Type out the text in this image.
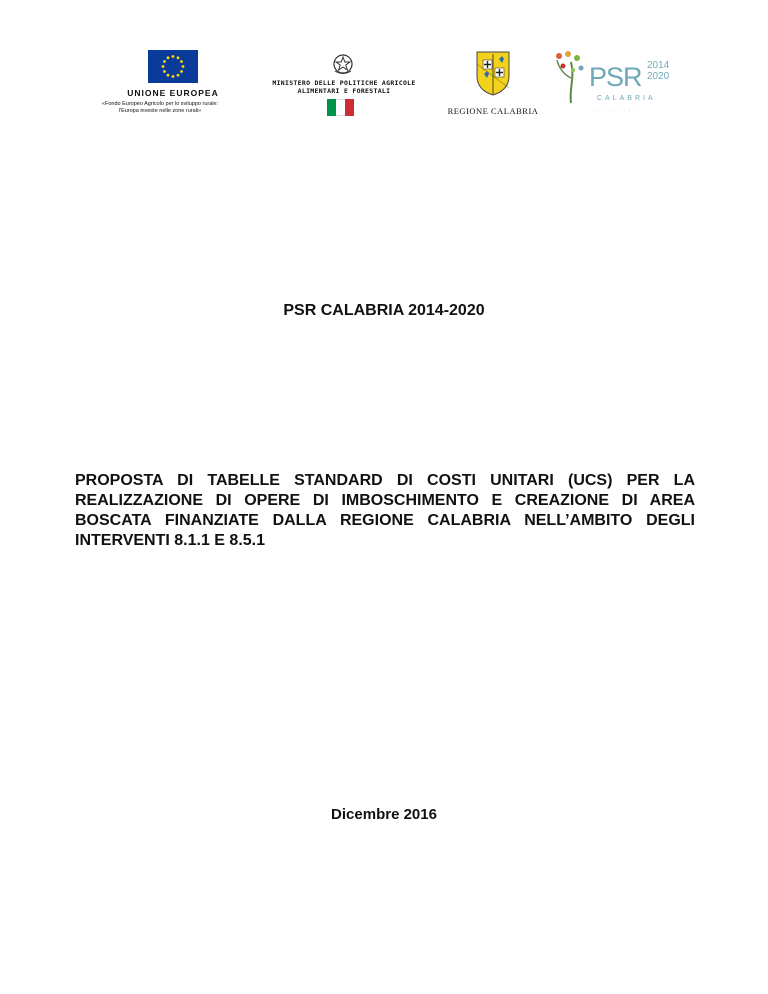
UNIONE EUROPEA
«Fondo Europeo Agricolo per lo sviluppo rurale: l'Europa investe nelle zone rurali»
MINISTERO DELLE POLITICHE AGRICOLE
ALIMENTARI E FORESTALI
REGIONE CALABRIA
PSR 2014
2020
CALABRIA
· · · · · · · · ·
PSR CALABRIA 2014-2020
PROPOSTA DI TABELLE STANDARD DI COSTI UNITARI (UCS) PER LA REALIZZAZIONE DI OPERE DI IMBOSCHIMENTO E CREAZIONE DI AREA BOSCATA FINANZIATE DALLA REGIONE CALABRIA NELL’AMBITO DEGLI INTERVENTI 8.1.1 E 8.5.1
Dicembre 2016
